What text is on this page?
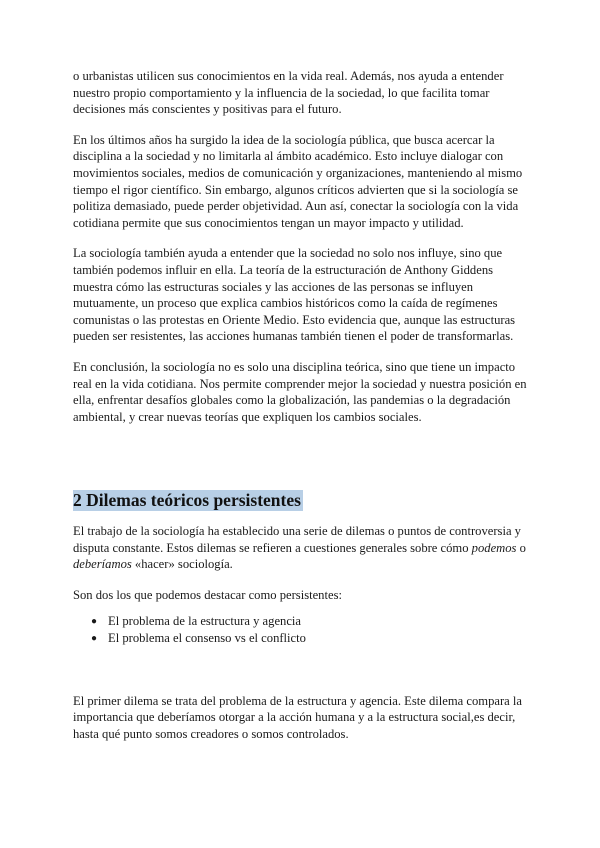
o urbanistas utilicen sus conocimientos en la vida real. Además, nos ayuda a entender nuestro propio comportamiento y la influencia de la sociedad, lo que facilita tomar decisiones más conscientes y positivas para el futuro.

En los últimos años ha surgido la idea de la sociología pública, que busca acercar la disciplina a la sociedad y no limitarla al ámbito académico. Esto incluye dialogar con movimientos sociales, medios de comunicación y organizaciones, manteniendo al mismo tiempo el rigor científico. Sin embargo, algunos críticos advierten que si la sociología se politiza demasiado, puede perder objetividad. Aun así, conectar la sociología con la vida cotidiana permite que sus conocimientos tengan un mayor impacto y utilidad.

La sociología también ayuda a entender que la sociedad no solo nos influye, sino que también podemos influir en ella. La teoría de la estructuración de Anthony Giddens muestra cómo las estructuras sociales y las acciones de las personas se influyen mutuamente, un proceso que explica cambios históricos como la caída de regímenes comunistas o las protestas en Oriente Medio. Esto evidencia que, aunque las estructuras pueden ser resistentes, las acciones humanas también tienen el poder de transformarlas.

En conclusión, la sociología no es solo una disciplina teórica, sino que tiene un impacto real en la vida cotidiana. Nos permite comprender mejor la sociedad y nuestra posición en ella, enfrentar desafíos globales como la globalización, las pandemias o la degradación ambiental, y crear nuevas teorías que expliquen los cambios sociales.

2 Dilemas teóricos persistentes

El trabajo de la sociología ha establecido una serie de dilemas o puntos de controversia y disputa constante. Estos dilemas se refieren a cuestiones generales sobre cómo podemos o deberíamos «hacer» sociología.

Son dos los que podemos destacar como persistentes:

● El problema de la estructura y agencia
● El problema el consenso vs el conflicto

El primer dilema se trata del problema de la estructura y agencia. Este dilema compara la importancia que deberíamos otorgar a la acción humana y a la estructura social,es decir, hasta qué punto somos creadores o somos controlados.
